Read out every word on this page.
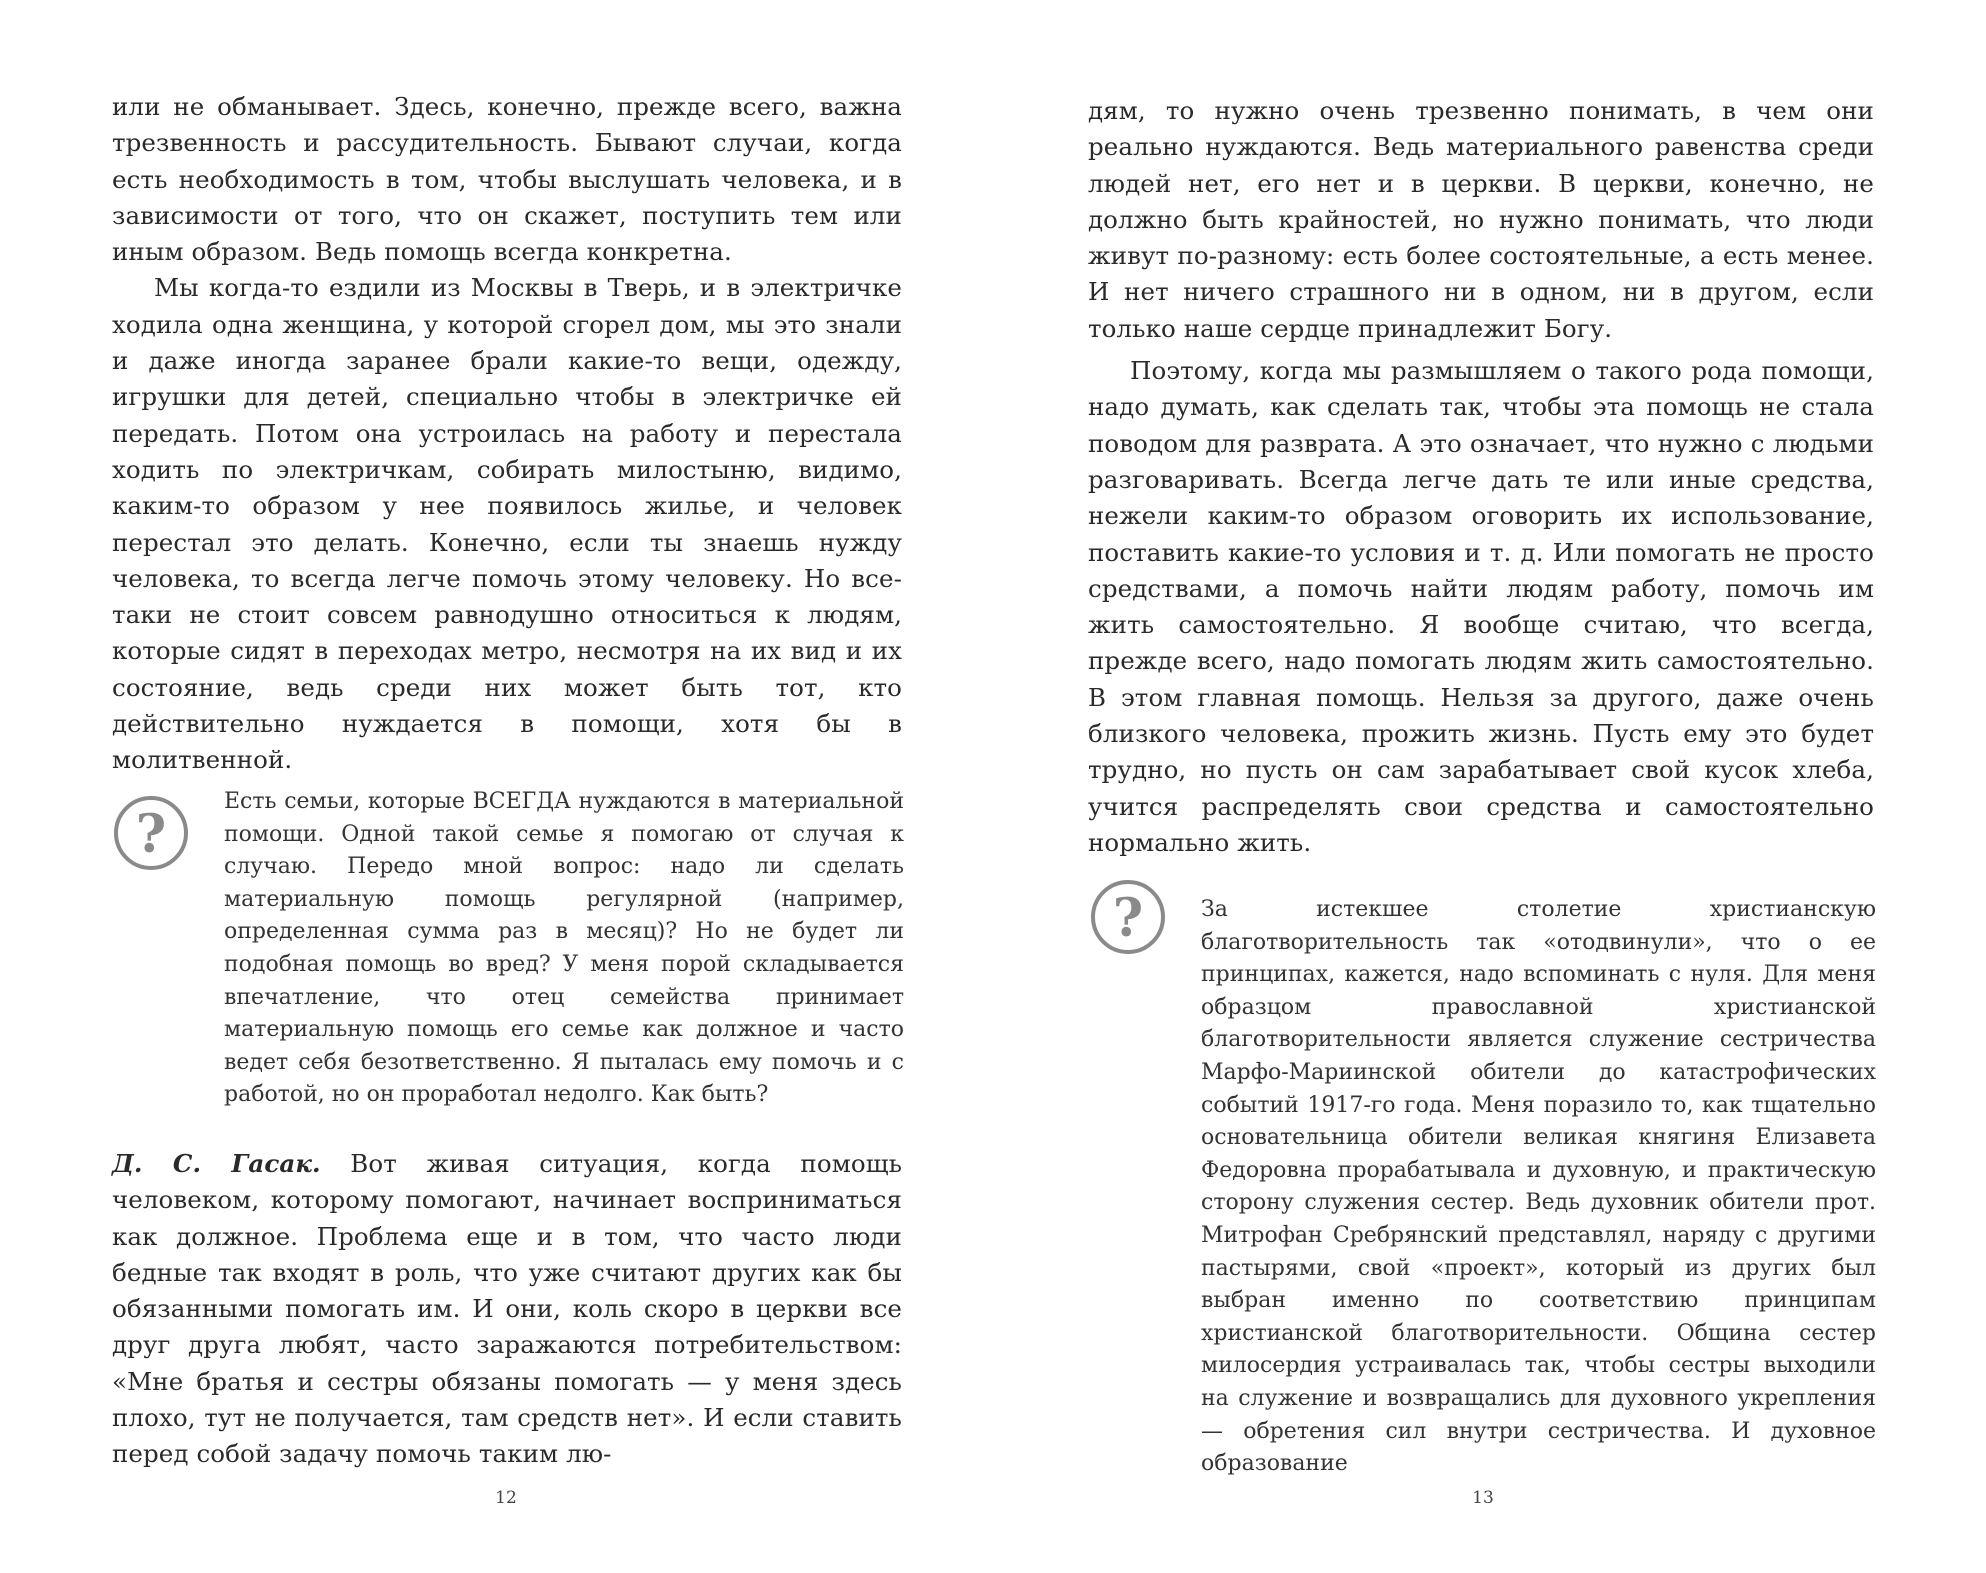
или не обманывает. Здесь, конечно, прежде всего, важна трезвенность и рассудительность. Бывают случаи, когда есть необходимость в том, чтобы выслушать человека, и в зависимости от того, что он скажет, поступить тем или иным образом. Ведь помощь всегда конкретна.

Мы когда-то ездили из Москвы в Тверь, и в электричке ходила одна женщина, у которой сгорел дом, мы это знали и даже иногда заранее брали какие-то вещи, одежду, игрушки для детей, специально чтобы в электричке ей передать. Потом она устроилась на работу и перестала ходить по электричкам, собирать милостыню, видимо, каким-то образом у нее появилось жилье, и человек перестал это делать. Конечно, если ты знаешь нужду человека, то всегда легче помочь этому человеку. Но все-таки не стоит совсем равнодушно относиться к людям, которые сидят в переходах метро, несмотря на их вид и их состояние, ведь среди них может быть тот, кто действительно нуждается в помощи, хотя бы в молитвенной.

?

Есть семьи, которые ВСЕГДА нуждаются в материальной помощи. Одной такой семье я помогаю от случая к случаю. Передо мной вопрос: надо ли сделать материальную помощь регулярной (например, определенная сумма раз в месяц)? Но не будет ли подобная помощь во вред? У меня порой складывается впечатление, что отец семейства принимает материальную помощь его семье как должное и часто ведет себя безответственно. Я пыталась ему помочь и с работой, но он проработал недолго. Как быть?

Д. С. Гасак. Вот живая ситуация, когда помощь человеком, которому помогают, начинает восприниматься как должное. Проблема еще и в том, что часто люди бедные так входят в роль, что уже считают других как бы обязанными помогать им. И они, коль скоро в церкви все друг друга любят, часто заражаются потребительством: «Мне братья и сестры обязаны помогать — у меня здесь плохо, тут не получается, там средств нет». И если ставить перед собой задачу помочь таким лю-

12

дям, то нужно очень трезвенно понимать, в чем они реально нуждаются. Ведь материального равенства среди людей нет, его нет и в церкви. В церкви, конечно, не должно быть крайностей, но нужно понимать, что люди живут по-разному: есть более состоятельные, а есть менее. И нет ничего страшного ни в одном, ни в другом, если только наше сердце принадлежит Богу.

Поэтому, когда мы размышляем о такого рода помощи, надо думать, как сделать так, чтобы эта помощь не стала поводом для разврата. А это означает, что нужно с людьми разговаривать. Всегда легче дать те или иные средства, нежели каким-то образом оговорить их использование, поставить какие-то условия и т. д. Или помогать не просто средствами, а помочь найти людям работу, помочь им жить самостоятельно. Я вообще считаю, что всегда, прежде всего, надо помогать людям жить самостоятельно. В этом главная помощь. Нельзя за другого, даже очень близкого человека, прожить жизнь. Пусть ему это будет трудно, но пусть он сам зарабатывает свой кусок хлеба, учится распределять свои средства и самостоятельно нормально жить.

?	За истекшее столетие христианскую благотворительность так «отодвинули», что о ее принципах, кажется, надо вспоминать с нуля. Для меня образцом православной христианской благотворительности является служение сестричества Марфо-Мариинской обители до катастрофических событий 1917-го года. Меня поразило то, как тщательно основательница обители великая княгиня Елизавета Федоровна прорабатывала и духовную, и практическую сторону служения сестер. Ведь духовник обители прот. Митрофан Сребрянский представлял, наряду с другими пастырями, свой «проект», который из других был выбран именно по соответствию принципам христианской благотворительности. Община сестер милосердия устраивалась так, чтобы сестры выходили на служение и возвращались для духовного укрепления — обретения сил внутри сестричества. И духовное образование

13
